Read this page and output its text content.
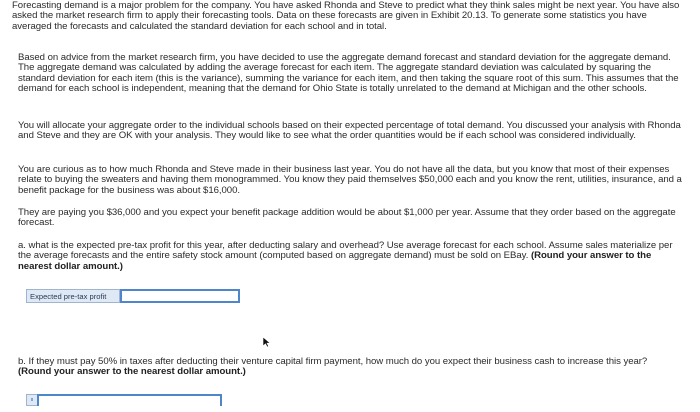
Forecasting demand is a major problem for the company. You have asked Rhonda and Steve to predict what they think sales might be next year. You have also asked the market research firm to apply their forecasting tools. Data on these forecasts are given in Exhibit 20.13. To generate some statistics you have averaged the forecasts and calculated the standard deviation for each school and in total.

Based on advice from the market research firm, you have decided to use the aggregate demand forecast and standard deviation for the aggregate demand. The aggregate demand was calculated by adding the average forecast for each item. The aggregate standard deviation was calculated by squaring the standard deviation for each item (this is the variance), summing the variance for each item, and then taking the square root of this sum. This assumes that the demand for each school is independent, meaning that the demand for Ohio State is totally unrelated to the demand at Michigan and the other schools.

You will allocate your aggregate order to the individual schools based on their expected percentage of total demand. You discussed your analysis with Rhonda and Steve and they are OK with your analysis. They would like to see what the order quantities would be if each school was considered individually.

You are curious as to how much Rhonda and Steve made in their business last year. You do not have all the data, but you know that most of their expenses relate to buying the sweaters and having them monogrammed. You know they paid themselves $50,000 each and you know the rent, utilities, insurance, and a benefit package for the business was about $16,000.

They are paying you $36,000 and you expect your benefit package addition would be about $1,000 per year. Assume that they order based on the aggregate forecast.

a. what is the expected pre-tax profit for this year, after deducting salary and overhead? Use average forecast for each school. Assume sales materialize per the average forecasts and the entire safety stock amount (computed based on aggregate demand) must be sold on EBay. (Round your answer to the nearest dollar amount.)

Expected pre-tax profit

b. If they must pay 50% in taxes after deducting their venture capital firm payment, how much do you expect their business cash to increase this year? (Round your answer to the nearest dollar amount.)
